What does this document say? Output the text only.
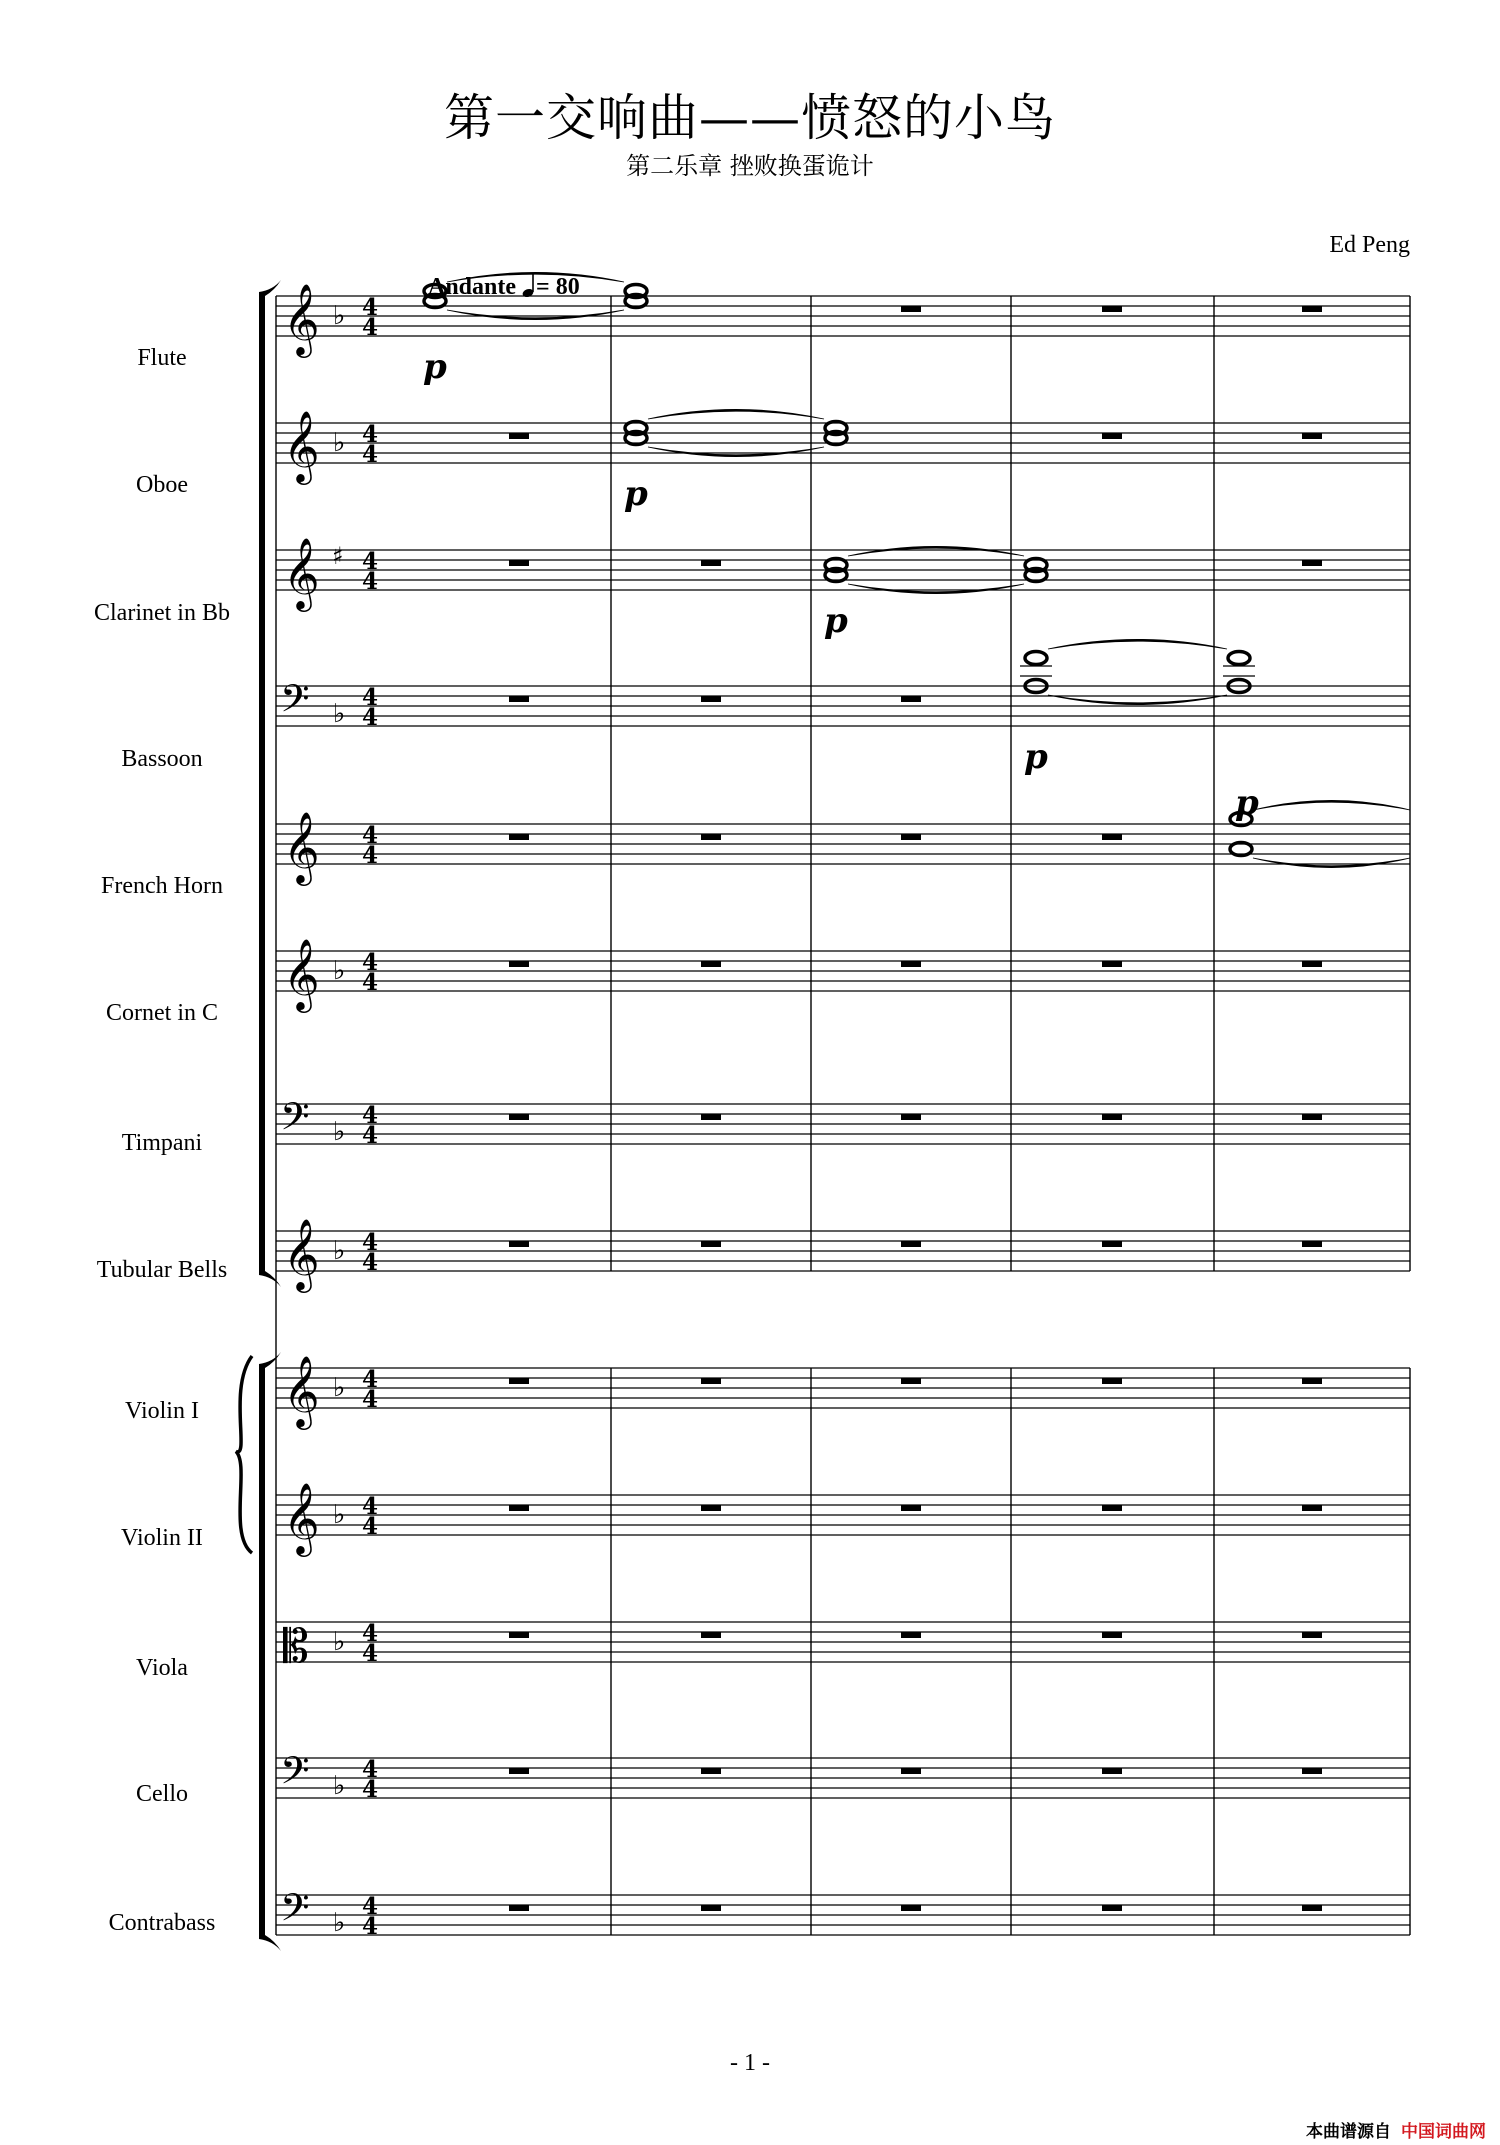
第一交响曲——愤怒的小鸟
第二乐章 挫败换蛋诡计
Ed Peng
Andante = 80
Flute
Oboe
Clarinet in Bb
Bassoon
French Horn
Cornet in C
Timpani
Tubular Bells
Violin I
Violin II
Viola
Cello
Contrabass
𝄞 ♭ 4
4
𝄞 ♭ 4
4
𝄞 ♯ 4
4
𝄢 ♭
4
4
𝄞 4
4
𝄞 ♭ 4
4
𝄢 ♭
4
4
𝄞 ♭ 4
4
𝄞 ♭ 4
4
𝄞 ♭ 4
4
𝄡 ♭ 4
4
𝄢 ♭
4
4
𝄢 ♭
4
4
p
p
p
p
p
- 1 -
本曲谱源自 中国词曲网
